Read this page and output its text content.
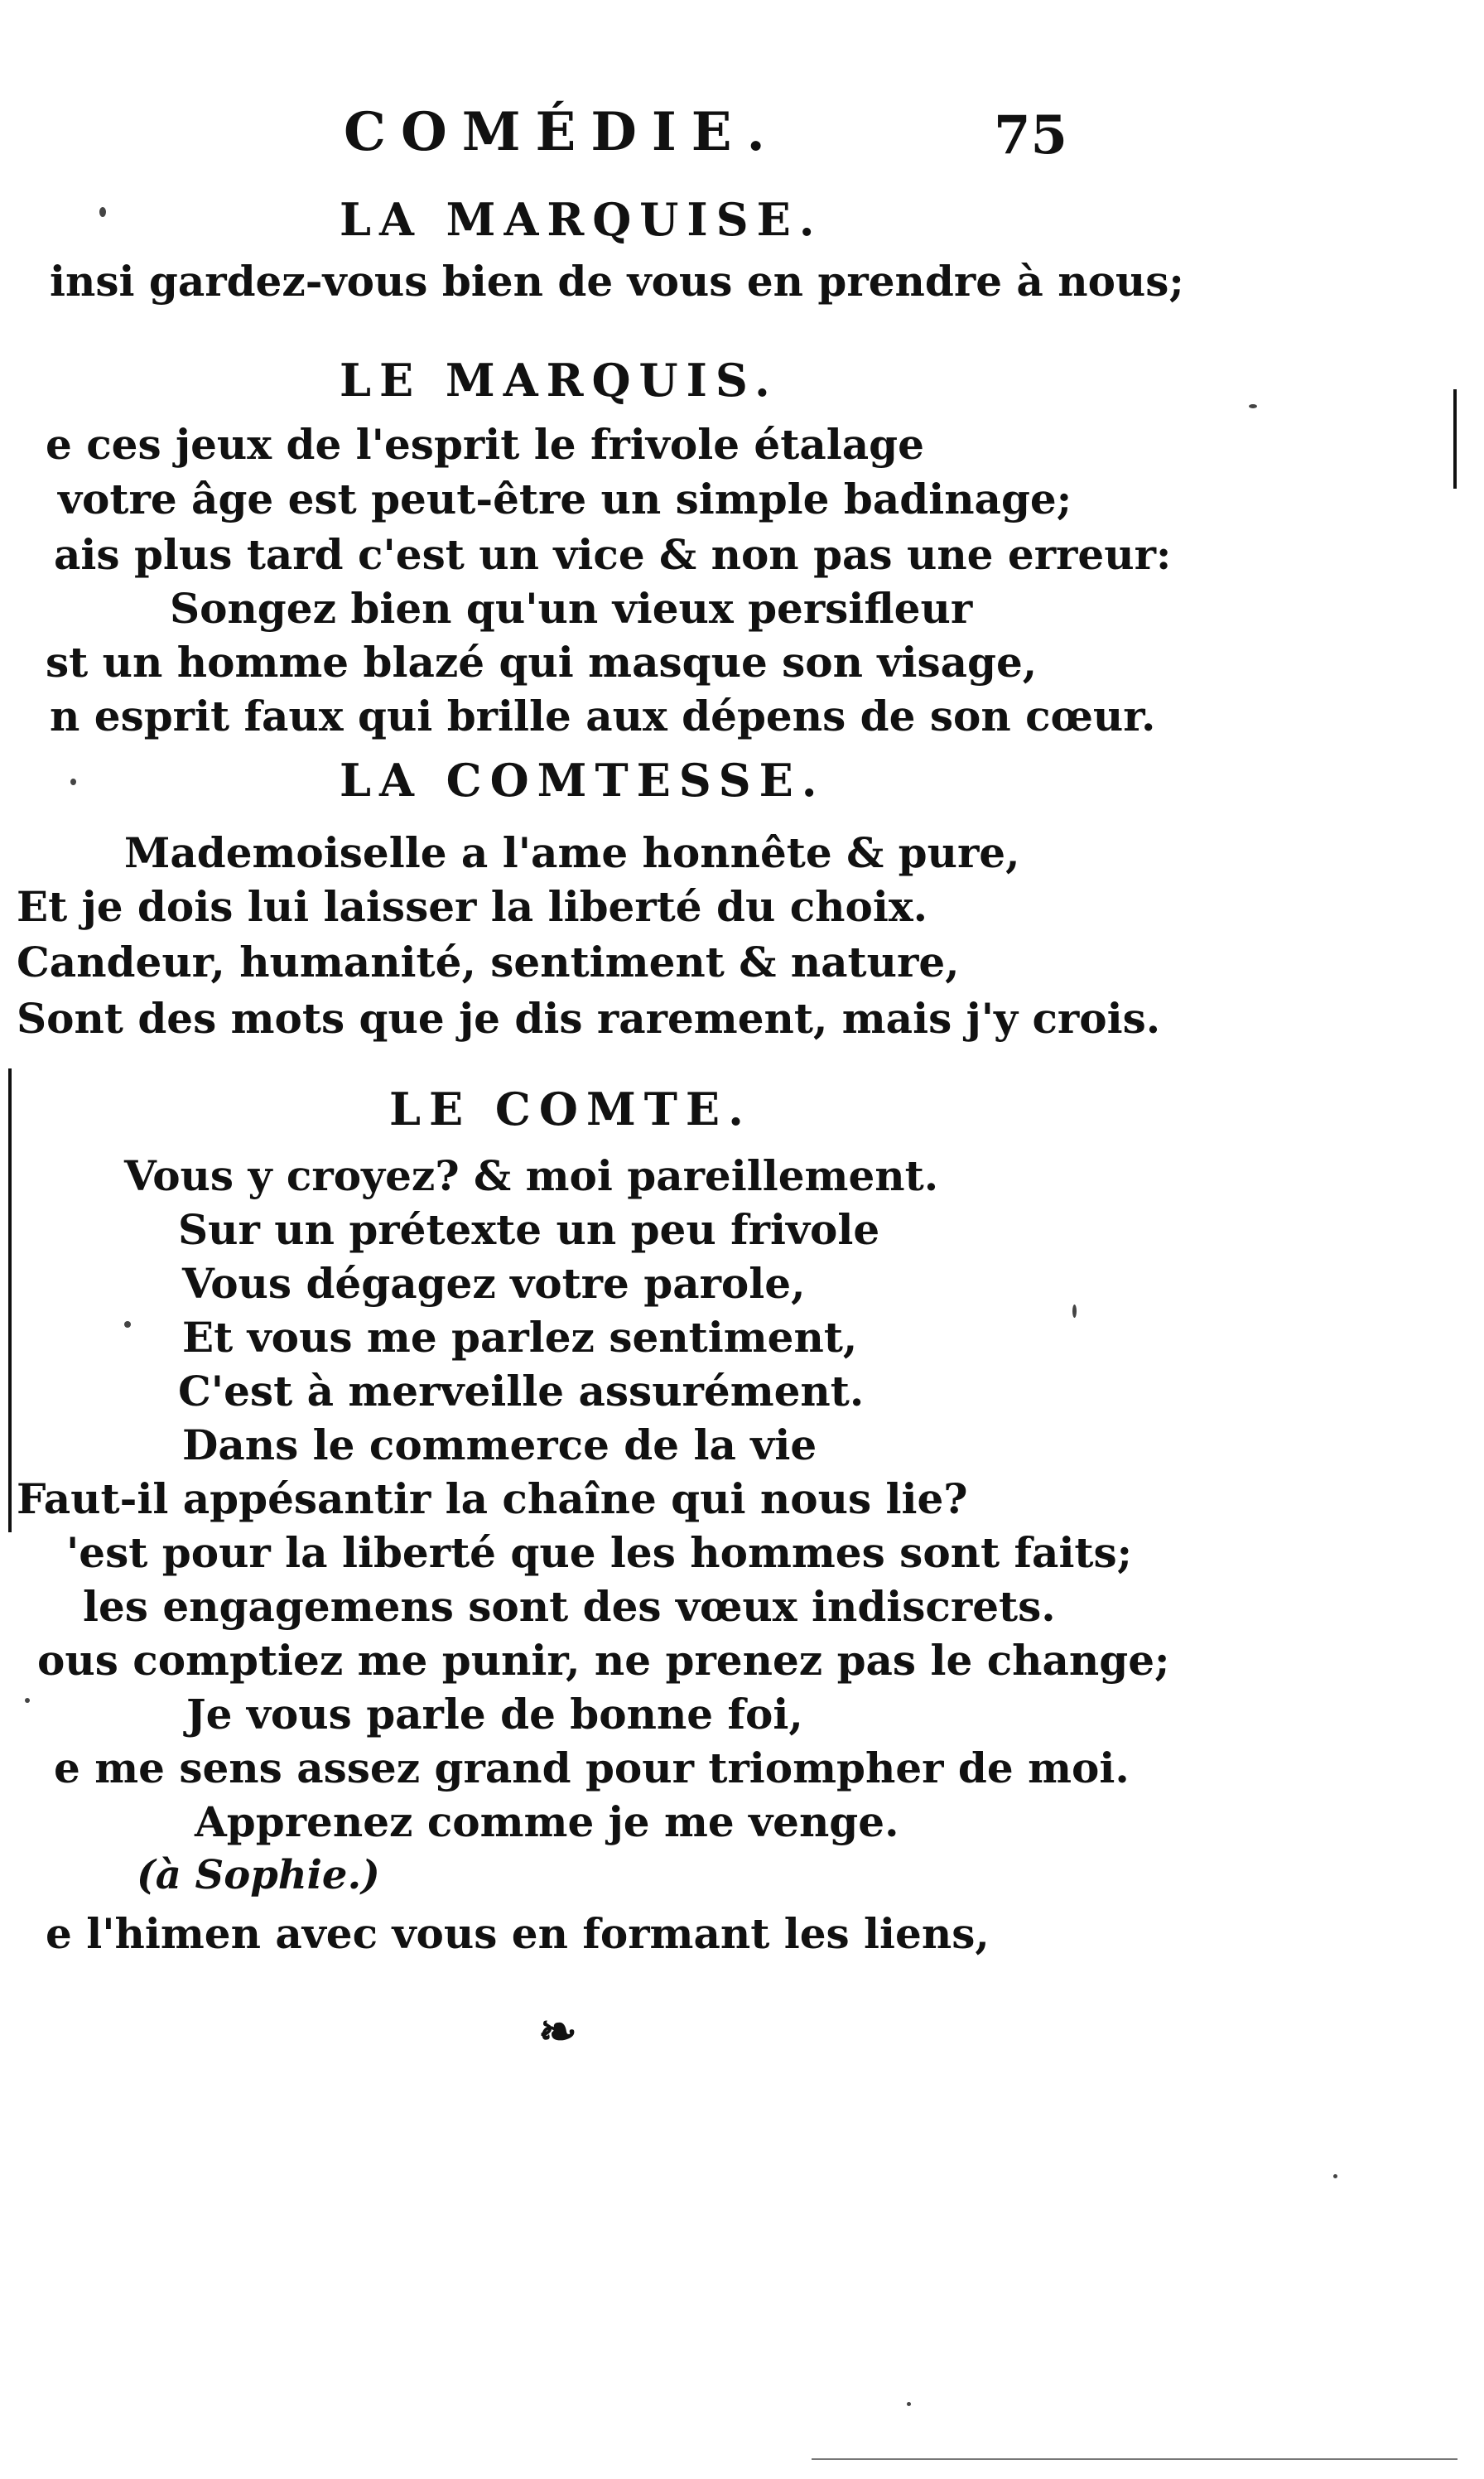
COMÉDIE.	75
LA MARQUISE.
insi gardez-vous bien de vous en prendre à nous;
LE MARQUIS.
e ces jeux de l'esprit le frivole étalage
votre âge est peut-être un simple badinage;
ais plus tard c'est un vice & non pas une erreur:
Songez bien qu'un vieux persifleur
st un homme blazé qui masque son visage,
n esprit faux qui brille aux dépens de son cœur.
LA COMTESSE.
Mademoiselle a l'ame honnête & pure,
Et je dois lui laisser la liberté du choix.
Candeur, humanité, sentiment & nature,
Sont des mots que je dis rarement, mais j'y crois.
LE COMTE.
Vous y croyez? & moi pareillement.
Sur un prétexte un peu frivole
Vous dégagez votre parole,
Et vous me parlez sentiment,
C'est à merveille assurément.
Dans le commerce de la vie
Faut-il appésantir la chaîne qui nous lie?
'est pour la liberté que les hommes sont faits;
les engagemens sont des vœux indiscrets.
ous comptiez me punir, ne prenez pas le change;
Je vous parle de bonne foi,
e me sens assez grand pour triompher de moi.
Apprenez comme je me venge.
(à Sophie.)
e l'himen avec vous en formant les liens,
❧
